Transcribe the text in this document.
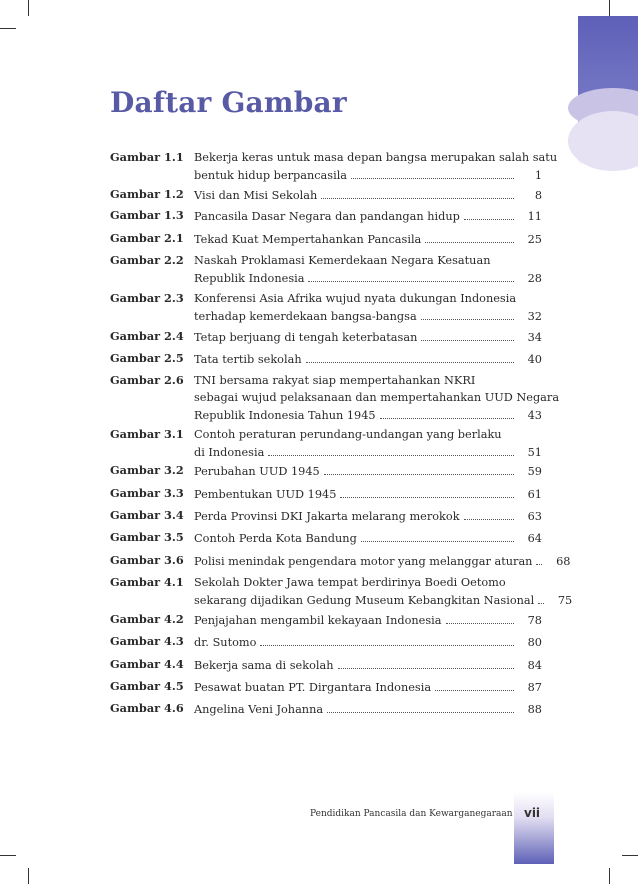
Daftar Gambar
Gambar 1.1 Bekerja keras untuk masa depan bangsa merupakan salah satu
bentuk hidup berpancasila	1
Gambar 1.2 Visi dan Misi Sekolah	8
Gambar 1.3 Pancasila Dasar Negara dan pandangan hidup	11
Gambar 2.1 Tekad Kuat Mempertahankan Pancasila	25
Gambar 2.2 Naskah Proklamasi Kemerdekaan Negara Kesatuan
Republik Indonesia	28
Gambar 2.3 Konferensi Asia Afrika wujud nyata dukungan Indonesia
terhadap kemerdekaan bangsa-bangsa	32
Gambar 2.4 Tetap berjuang di tengah keterbatasan	34
Gambar 2.5 Tata tertib sekolah	40
Gambar 2.6 TNI bersama rakyat siap mempertahankan NKRI
sebagai wujud pelaksanaan dan mempertahankan UUD Negara
Republik Indonesia Tahun 1945	43
Gambar 3.1 Contoh peraturan perundang-undangan yang berlaku
di Indonesia	51
Gambar 3.2 Perubahan UUD 1945	59
Gambar 3.3 Pembentukan UUD 1945	61
Gambar 3.4 Perda Provinsi DKI Jakarta melarang merokok	63
Gambar 3.5 Contoh Perda Kota Bandung	64
Gambar 3.6 Polisi menindak pengendara motor yang melanggar aturan	68
Gambar 4.1 Sekolah Dokter Jawa tempat berdirinya Boedi Oetomo
sekarang dijadikan Gedung Museum Kebangkitan Nasional	75
Gambar 4.2 Penjajahan mengambil kekayaan Indonesia	78
Gambar 4.3 dr. Sutomo	80
Gambar 4.4 Bekerja sama di sekolah	84
Gambar 4.5 Pesawat buatan PT. Dirgantara Indonesia	87
Gambar 4.6 Angelina Veni Johanna	88
Pendidikan Pancasila dan Kewarganegaraan vii
